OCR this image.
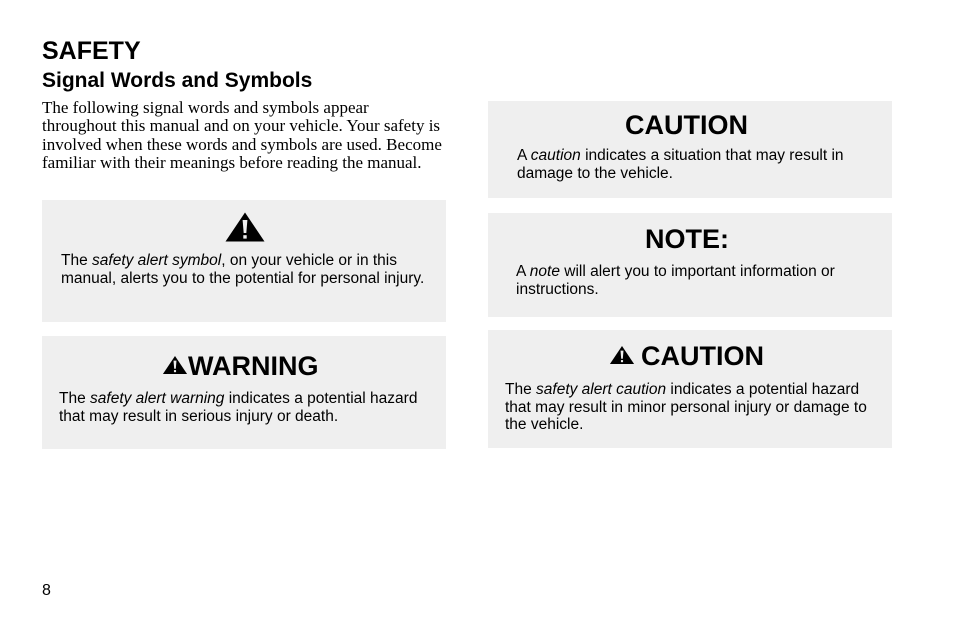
SAFETY
Signal Words and Symbols
The following signal words and symbols appear throughout this manual and on your vehicle. Your safety is involved when these words and symbols are used. Become familiar with their meanings before reading the manual.
The safety alert symbol, on your vehicle or in this manual, alerts you to the potential for personal injury.
WARNING
The safety alert warning indicates a potential hazard that may result in serious injury or death.
CAUTION
A caution indicates a situation that may result in damage to the vehicle.
NOTE:
A note will alert you to important information or instructions.
CAUTION
The safety alert caution indicates a potential hazard that may result in minor personal injury or damage to the vehicle.
8
